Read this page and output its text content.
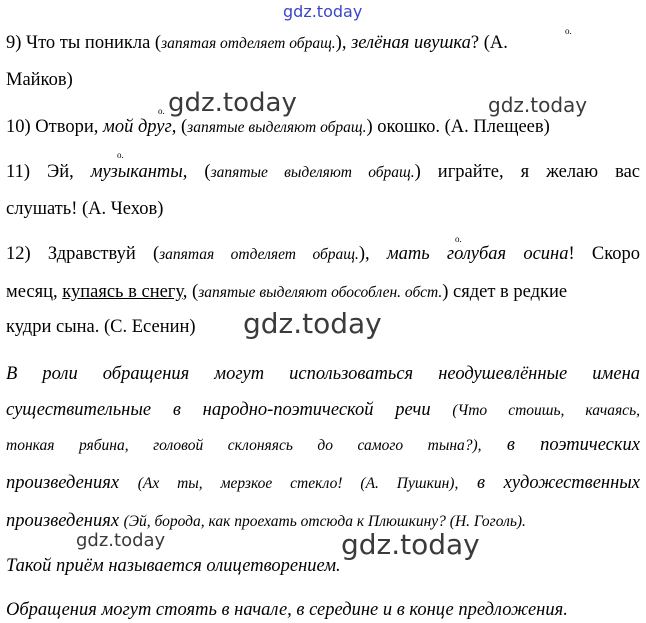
gdz.today
gdz.today	gdz.today
gdz.today
gdz.today	gdz.today
о.
о.
о.
о.
9) Что ты поникла (запятая отделяет обращ.), зелёная ивушка? (А.
Майков)
10) Отвори, мой друг, (запятые выделяют обращ.) окошко. (А. Плещеев)
11) Эй, музыканты, (запятые выделяют обращ.) играйте, я желаю вас
слушать! (А. Чехов)
12) Здравствуй (запятая отделяет обращ.), мать голубая осина! Скоро
месяц, купаясь в снегу, (запятые выделяют обособлен. обст.) сядет в редкие
кудри сына. (С. Есенин)
В роли обращения могут использоваться неодушевлённые имена
существительные в народно-поэтической речи (Что стоишь, качаясь,
тонкая рябина, головой склоняясь до самого тына?), в поэтических
произведениях (Ах ты, мерзкое стекло! (А. Пушкин), в художественных
произведениях (Эй, борода, как проехать отсюда к Плюшкину? (Н. Гоголь).
Такой приём называется олицетворением.
Обращения могут стоять в начале, в середине и в конце предложения.
